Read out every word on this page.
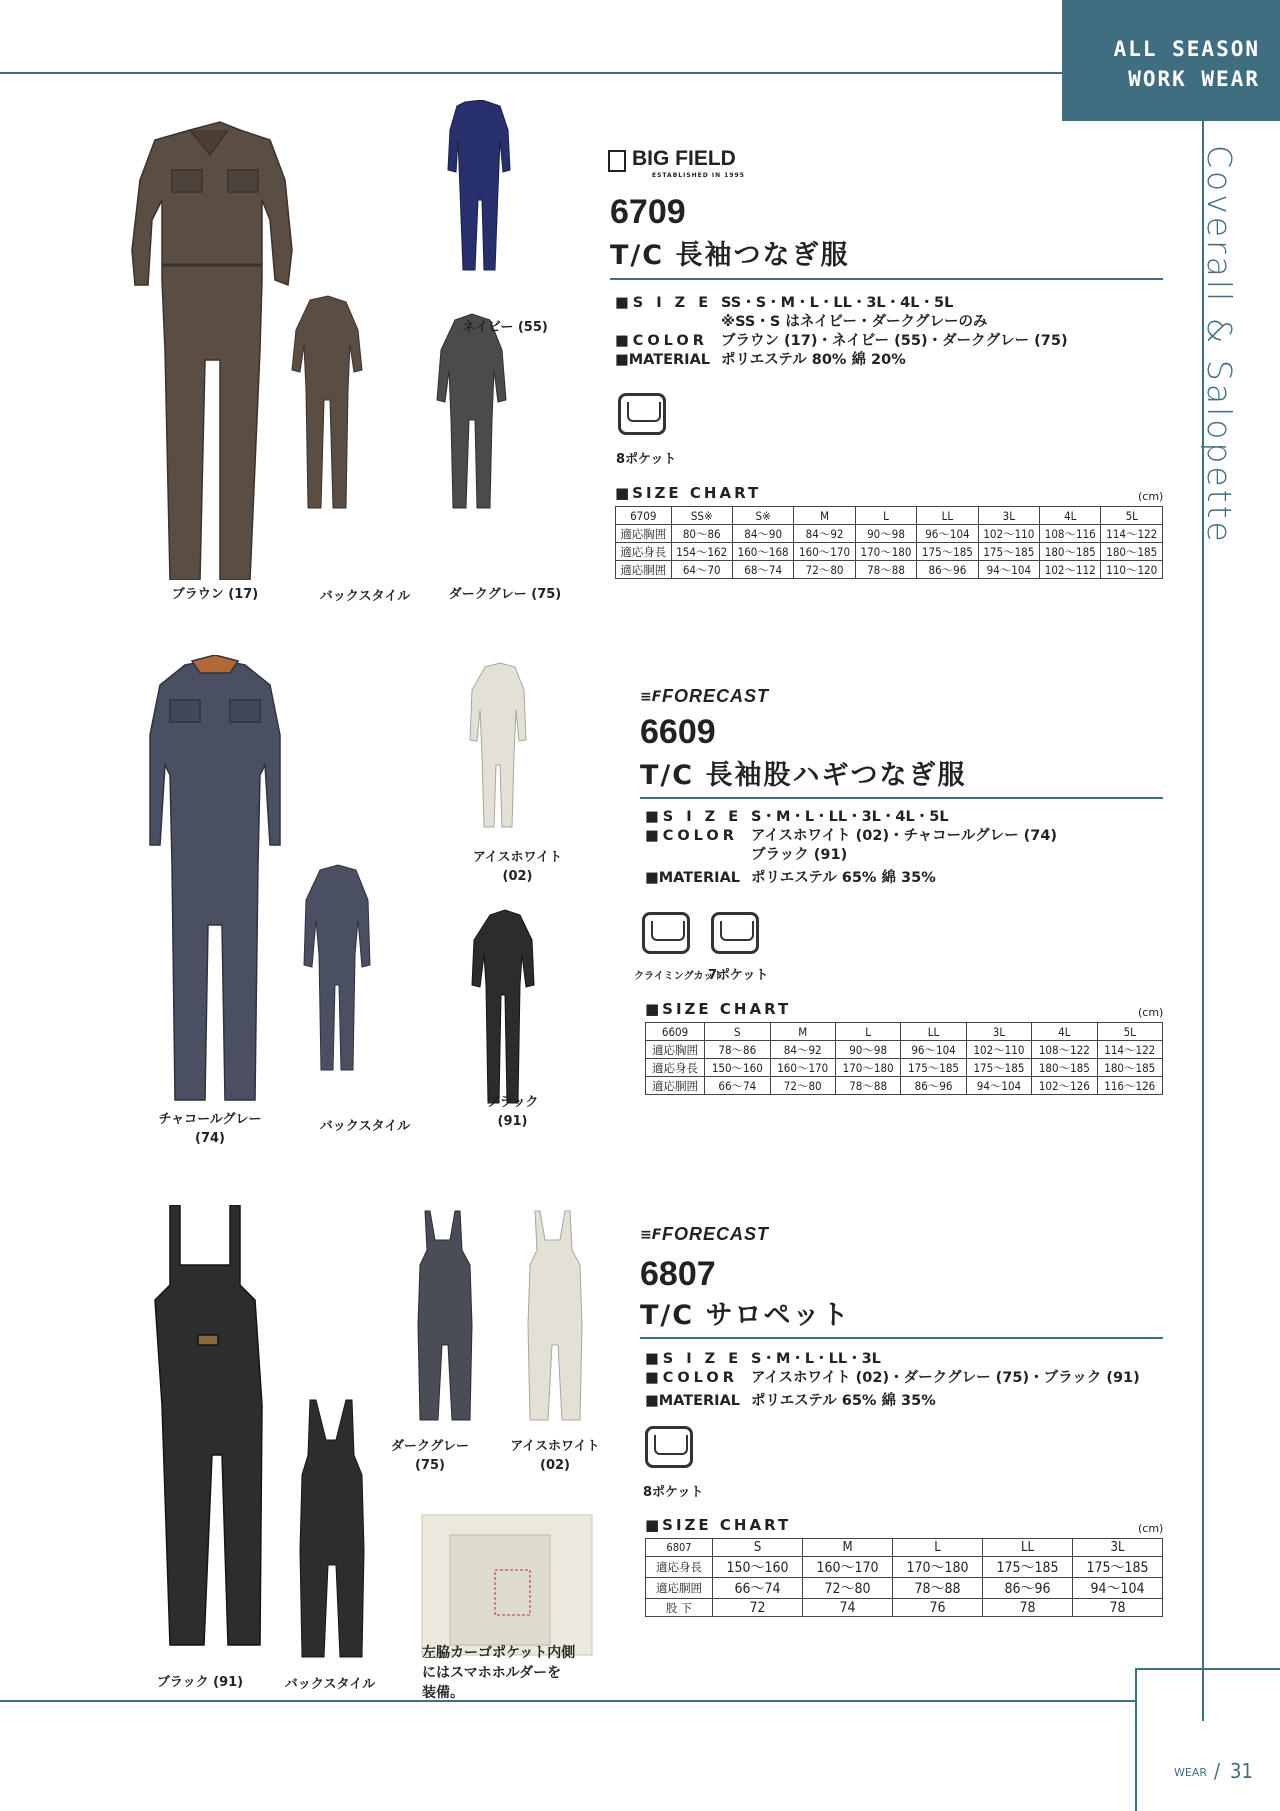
ALL SEASON
WORK WEAR
Coverall & Salopette
ネイビー (55)
ブラウン (17)	バックスタイル	ダークグレー (75)
BIG FIELD
ESTABLISHED IN 1995
6709
T/C 長袖つなぎ服
■S I Z E SS・S・M・L・LL・3L・4L・5L
※SS・S はネイビー・ダークグレーのみ
■COLOR ブラウン (17)・ネイビー (55)・ダークグレー (75)
■MATERIAL ポリエステル 80% 綿 20%
8ポケット
■SIZE CHART	(cm)
6709	SS※	S※	M	L	LL	3L	4L	5L
適応胸囲	80～86	84～90	84～92	90～98	96～104	102～110	108～116	114～122
適応身長	154～162	160～168	160～170	170～180	175～185	175～185	180～185	180～185
適応胴囲	64～70	68～74	72～80	78～88	86～96	94～104	102～112	110～120
アイスホワイト
(02)
チャコールグレー
(74)
バックスタイル
ブラック
(91)
≡F FORECAST
6609
T/C 長袖股ハギつなぎ服
■S I Z E S・M・L・LL・3L・4L・5L
■COLOR アイスホワイト (02)・チャコールグレー (74)
ブラック (91)
■MATERIAL ポリエステル 65% 綿 35%
クライミングカット
7ポケット
■SIZE CHART	(cm)
6609	S	M	L	LL	3L	4L	5L
適応胸囲	78～86	84～92	90～98	96～104	102～110	108～122	114～122
適応身長	150～160	160～170	170～180	175～185	175～185	180～185	180～185
適応胴囲	66～74	72～80	78～88	86～96	94～104	102～126	116～126
ダークグレー
(75)
アイスホワイト
(02)
ブラック (91)	バックスタイル
左脇カーゴポケット内側
にはスマホホルダーを
装備。
≡F FORECAST
6807
T/C サロペット
■S I Z E S・M・L・LL・3L
■COLOR アイスホワイト (02)・ダークグレー (75)・ブラック (91)
■MATERIAL ポリエステル 65% 綿 35%
8ポケット
■SIZE CHART	(cm)
6807	S	M	L	LL	3L
適応身長	150～160	160～170	170～180	175～185	175～185
適応胴囲	66～74	72～80	78～88	86～96	94～104
股 下	72	74	76	78	78
WEAR / 31
